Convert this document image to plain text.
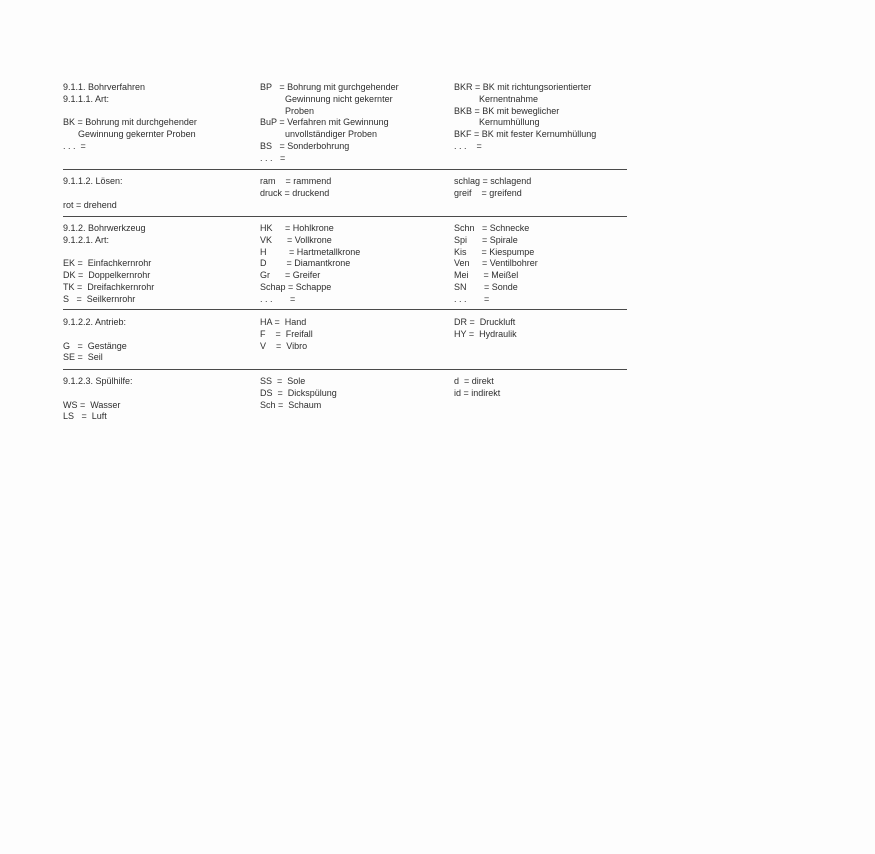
9.1.1. Bohrverfahren
9.1.1.1. Art:
BK = Bohrung mit durchgehender
Gewinnung gekernter Proben
. . .  =
BP   = Bohrung mit gurchgehender
Gewinnung nicht gekernter
Proben
BuP = Verfahren mit Gewinnung
unvollständiger Proben
BS   = Sonderbohrung
. . .   =
BKR = BK mit richtungsorientierter
Kernentnahme
BKB = BK mit beweglicher
Kernumhüllung
BKF = BK mit fester Kernumhüllung
. . .    =
9.1.1.2. Lösen:
rot = drehend
ram    = rammend
druck = druckend
schlag = schlagend
greif    = greifend
9.1.2. Bohrwerkzeug
9.1.2.1. Art:
EK =  Einfachkernrohr
DK =  Doppelkernrohr
TK =  Dreifachkernrohr
S   =  Seilkernrohr
HK     = Hohlkrone
VK      = Vollkrone
H         = Hartmetallkrone
D        = Diamantkrone
Gr      = Greifer
Schap = Schappe
. . .       =
Schn   = Schnecke
Spi      = Spirale
Kis      = Kiespumpe
Ven     = Ventilbohrer
Mei      = Meißel
SN       = Sonde
. . .       =
9.1.2.2. Antrieb:
G   =  Gestänge
SE =  Seil
HA =  Hand
F    =  Freifall
V    =  Vibro
DR =  Druckluft
HY =  Hydraulik
9.1.2.3. Spülhilfe:
WS =  Wasser
LS   =  Luft
SS  =  Sole
DS  =  Dickspülung
Sch =  Schaum
d  = direkt
id = indirekt
